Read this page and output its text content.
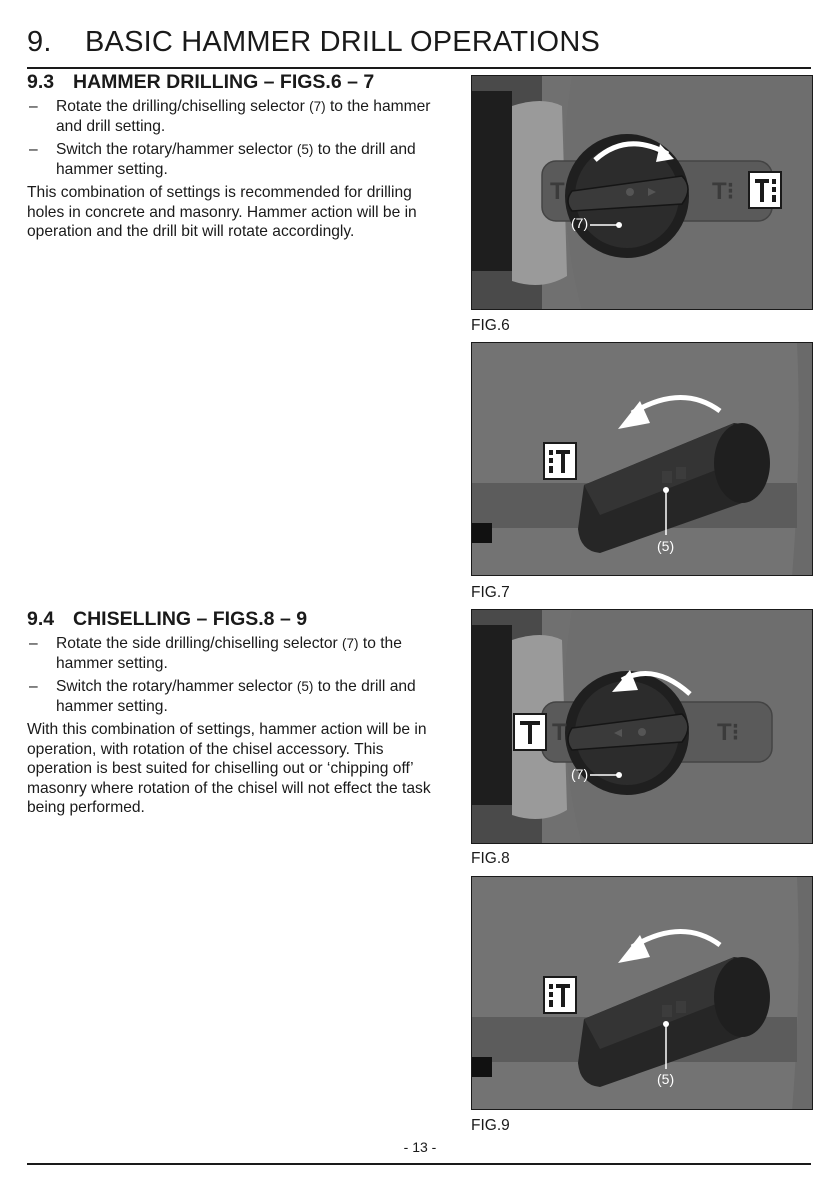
9. BASIC HAMMER DRILL OPERATIONS
9.3 HAMMER DRILLING – FIGS.6 – 7
– Rotate the drilling/chiselling selector (7) to the hammer and drill setting.
– Switch the rotary/hammer selector (5) to the drill and hammer setting.

This combination of settings is recommended for drilling holes in concrete and masonry. Hammer action will be in operation and the drill bit will rotate accordingly.

9.4 CHISELLING – FIGS.8 – 9
– Rotate the side drilling/chiselling selector (7) to the hammer setting.
– Switch the rotary/hammer selector (5) to the drill and hammer setting.

With this combination of settings, hammer action will be in operation, with rotation of the chisel accessory. This operation is best suited for chiselling out or ‘chipping off’ masonry where rotation of the chisel will not effect the task being performed.

T	T⁝
(7)
FIG.6
(5)
FIG.7
T	T⁝
(7)
FIG.8
(5)
FIG.9
- 13 -
